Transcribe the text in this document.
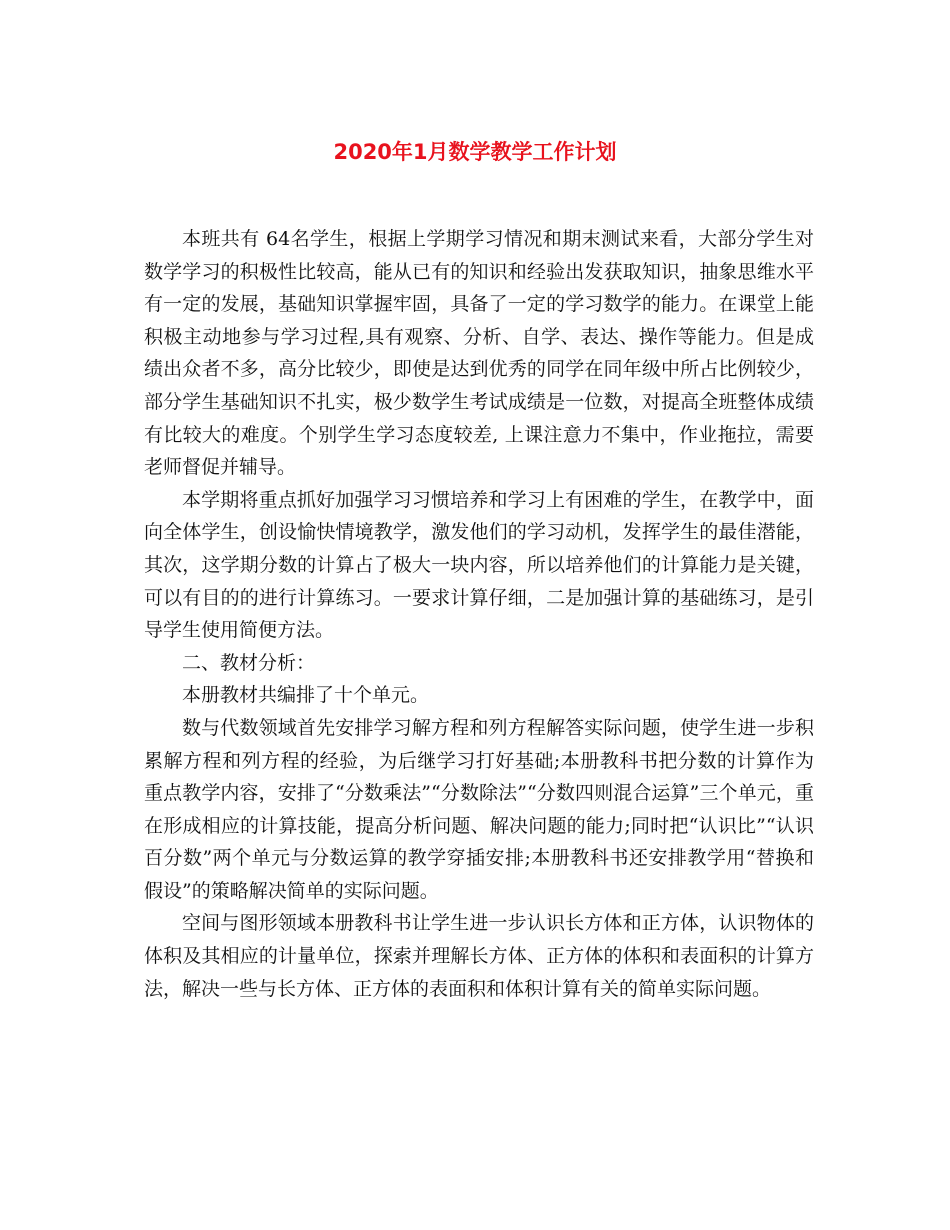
2020年1月数学教学工作计划

本班共有 64名学生，根据上学期学习情况和期末测试来看，大部分学生对数学学习的积极性比较高，能从已有的知识和经验出发获取知识，抽象思维水平有一定的发展，基础知识掌握牢固，具备了一定的学习数学的能力。在课堂上能积极主动地参与学习过程,具有观察、分析、自学、表达、操作等能力。但是成绩出众者不多，高分比较少，即使是达到优秀的同学在同年级中所占比例较少，部分学生基础知识不扎实，极少数学生考试成绩是一位数，对提高全班整体成绩有比较大的难度。个别学生学习态度较差, 上课注意力不集中，作业拖拉，需要老师督促并辅导。

本学期将重点抓好加强学习习惯培养和学习上有困难的学生，在教学中，面向全体学生，创设愉快情境教学，激发他们的学习动机，发挥学生的最佳潜能，其次，这学期分数的计算占了极大一块内容，所以培养他们的计算能力是关键，可以有目的的进行计算练习。一要求计算仔细，二是加强计算的基础练习，是引导学生使用简便方法。

二、教材分析：

本册教材共编排了十个单元。

数与代数领域首先安排学习解方程和列方程解答实际问题，使学生进一步积累解方程和列方程的经验，为后继学习打好基础;本册教科书把分数的计算作为重点教学内容，安排了“分数乘法”“分数除法”“分数四则混合运算”三个单元，重在形成相应的计算技能，提高分析问题、解决问题的能力;同时把“认识比”“认识百分数”两个单元与分数运算的教学穿插安排;本册教科书还安排教学用“替换和假设”的策略解决简单的实际问题。

空间与图形领域本册教科书让学生进一步认识长方体和正方体，认识物体的体积及其相应的计量单位，探索并理解长方体、正方体的体积和表面积的计算方法，解决一些与长方体、正方体的表面积和体积计算有关的简单实际问题。
